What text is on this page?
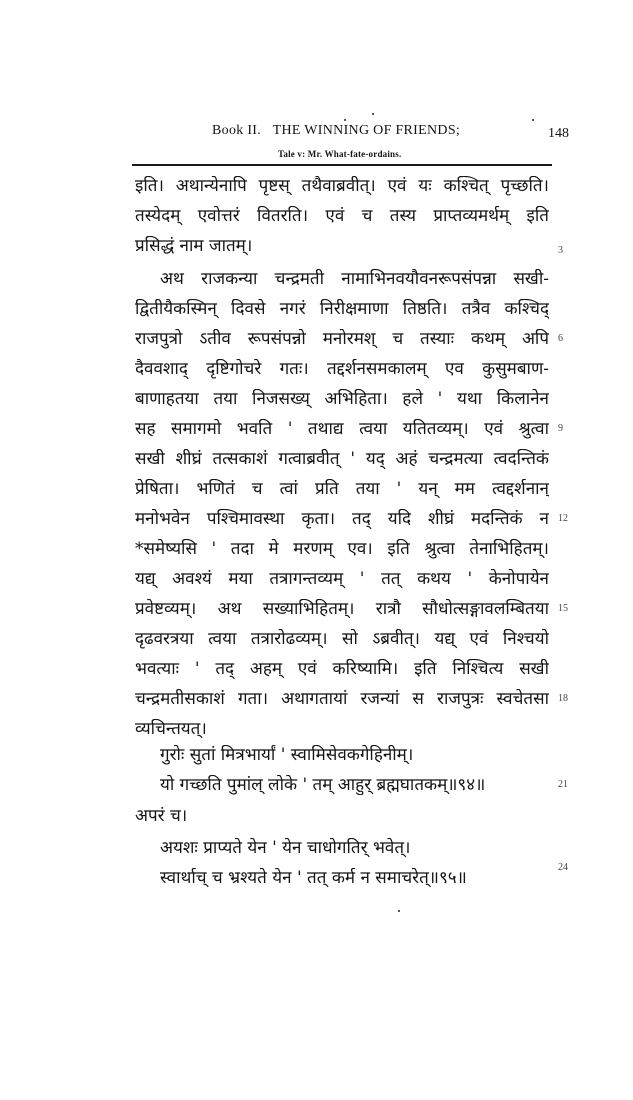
Book II. THE WINNING OF FRIENDS;	148
Tale v: Mr. What-fate-ordains.
इति। अथान्येनापि पृष्टस् तथैवाब्रवीत्। एवं यः कश्चित् पृच्छति।
तस्येदम् एवोत्तरं वितरति। एवं च तस्य प्राप्तव्यमर्थम् इति
प्रसिद्धं नाम जातम्।
अथ राजकन्या चन्द्रमती नामाभिनवयौवनरूपसंपन्ना सखी-
द्वितीयैकस्मिन् दिवसे नगरं निरीक्षमाणा तिष्ठति। तत्रैव कश्चिद्
राजपुत्रो ऽतीव रूपसंपन्नो मनोरमश् च तस्याः कथम् अपि
दैववशाद् दृष्टिगोचरे गतः। तद्दर्शनसमकालम् एव कुसुमबाण-
बाणाहतया तया निजसख्य् अभिहिता। हले ' यथा किलानेन
सह समागमो भवति ' तथाद्य त्वया यतितव्यम्। एवं श्रुत्वा
सखी शीघ्रं तत्सकाशं गत्वाब्रवीत् ' यद् अहं चन्द्रमत्या त्वदन्तिकं
प्रेषिता। भणितं च त्वां प्रति तया ' यन् मम त्वद्दर्शनान्
मनोभवेन पश्चिमावस्था कृता। तद् यदि शीघ्रं मदन्तिकं न
*समेष्यसि ' तदा मे मरणम् एव। इति श्रुत्वा तेनाभिहितम्।
यद्य् अवश्यं मया तत्रागन्तव्यम् ' तत् कथय ' केनोपायेन
प्रवेष्टव्यम्। अथ सख्याभिहितम्। रात्रौ सौधोत्सङ्गावलम्बितया
दृढवरत्रया त्वया तत्रारोढव्यम्। सो ऽब्रवीत्। यद्य् एवं निश्चयो
भवत्याः ' तद् अहम् एवं करिष्यामि। इति निश्चित्य सखी
चन्द्रमतीसकाशं गता। अथागतायां रजन्यां स राजपुत्रः स्वचेतसा
व्यचिन्तयत्।
गुरोः सुतां मित्रभार्यां ' स्वामिसेवकगेहिनीम्।
यो गच्छति पुमांल् लोके ' तम् आहुर् ब्रह्मघातकम्॥९४॥
अपरं च।
अयशः प्राप्यते येन ' येन चाधोगतिर् भवेत्।
स्वार्थाच् च भ्रश्यते येन ' तत् कर्म न समाचरेत्॥९५॥
3
6
9
12
15
18
21
24
